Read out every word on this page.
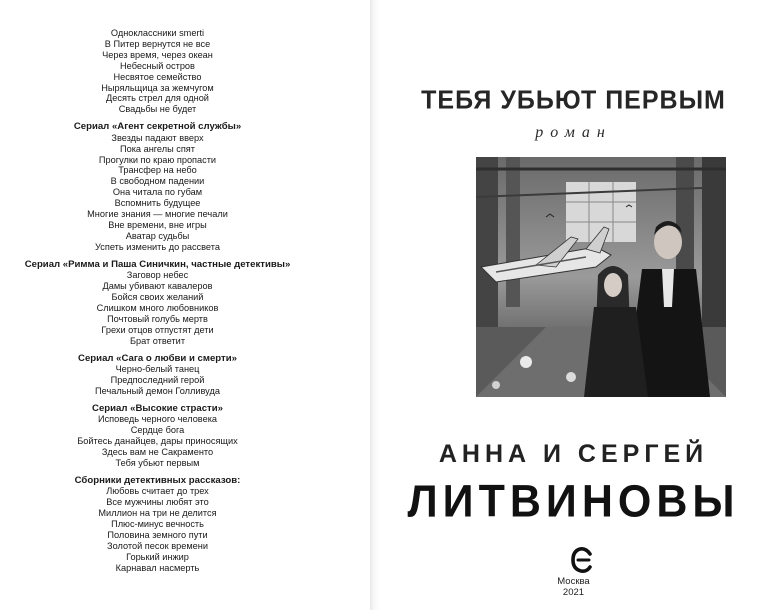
Одноклассники smerti
В Питер вернутся не все
Через время, через океан
Небесный остров
Несвятое семейство
Ныряльщица за жемчугом
Десять стрел для одной
Свадьбы не будет
Сериал «Агент секретной службы»
Звезды падают вверх
Пока ангелы спят
Прогулки по краю пропасти
Трансфер на небо
В свободном падении
Она читала по губам
Вспомнить будущее
Многие знания — многие печали
Вне времени, вне игры
Аватар судьбы
Успеть изменить до рассвета
Сериал «Римма и Паша Синичкин, частные детективы»
Заговор небес
Дамы убивают кавалеров
Бойся своих желаний
Слишком много любовников
Почтовый голубь мертв
Грехи отцов отпустят дети
Брат ответит
Сериал «Сага о любви и смерти»
Черно-белый танец
Предпоследний герой
Печальный демон Голливуда
Сериал «Высокие страсти»
Исповедь черного человека
Сердце бога
Бойтесь данайцев, дары приносящих
Здесь вам не Сакраменто
Тебя убьют первым
Сборники детективных рассказов:
Любовь считает до трех
Все мужчины любят это
Миллион на три не делится
Плюс-минус вечность
Половина земного пути
Золотой песок времени
Горький инжир
Карнавал насмерть
ТЕБЯ УБЬЮТ ПЕРВЫМ
роман
АННА И СЕРГЕЙ
ЛИТВИНОВЫ
Москва
2021
